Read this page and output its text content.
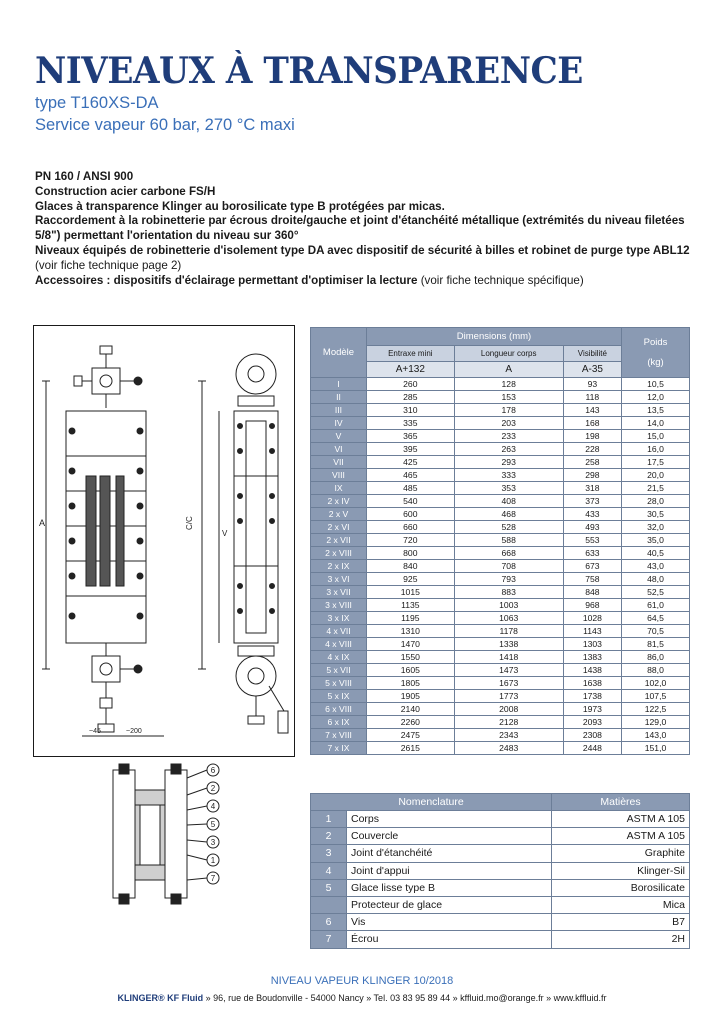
NIVEAUX À TRANSPARENCE
type T160XS-DA
Service vapeur 60 bar, 270 °C maxi

PN 160 / ANSI 900

Construction acier carbone FS/H

Glaces à transparence Klinger au borosilicate type B protégées par micas.

Raccordement à la robinetterie par écrous droite/gauche et joint d'étanchéité métallique (extrémités du niveau filetées 5/8") permettant l'orientation du niveau sur 360°

Niveaux équipés de robinetterie d'isolement type DA avec dispositif de sécurité à billes et robinet de purge type ABL12

(voir fiche technique page 2)

Accessoires : dispositifs d'éclairage permettant d'optimiser la lecture (voir fiche technique spécifique)

A	C/C
V
~45	~200
6
2
4
5
3
1
7
Modèle	Dimensions (mm)			Poids
(kg)

	Entraxe mini	Longueur corps	Visibilité	
	A+132	A	A-35	
I	260	128	93	10,5
II	285	153	118	12,0
III	310	178	143	13,5
IV	335	203	168	14,0
V	365	233	198	15,0
VI	395	263	228	16,0
VII	425	293	258	17,5
VIII	465	333	298	20,0
IX	485	353	318	21,5
2 x IV	540	408	373	28,0
2 x V	600	468	433	30,5
2 x VI	660	528	493	32,0
2 x VII	720	588	553	35,0
2 x VIII	800	668	633	40,5
2 x IX	840	708	673	43,0
3 x VI	925	793	758	48,0
3 x VII	1015	883	848	52,5
3 x VIII	1135	1003	968	61,0
3 x IX	1195	1063	1028	64,5
4 x VII	1310	1178	1143	70,5
4 x VIII	1470	1338	1303	81,5
4 x IX	1550	1418	1383	86,0
5 x VII	1605	1473	1438	88,0
5 x VIII	1805	1673	1638	102,0
5 x IX	1905	1773	1738	107,5
6 x VIII	2140	2008	1973	122,5
6 x IX	2260	2128	2093	129,0
7 x VIII	2475	2343	2308	143,0
7 x IX	2615	2483	2448	151,0
Nomenclature		Matières
1	Corps	ASTM A 105
2	Couvercle	ASTM A 105
3	Joint d'étanchéité	Graphite
4	Joint d'appui	Klinger-Sil
5	Glace lisse type B	Borosilicate
	Protecteur de glace	Mica
6	Vis	B7
7	Écrou	2H
NIVEAU VAPEUR KLINGER 10/2018
KLINGER® KF Fluid » 96, rue de Boudonville - 54000 Nancy » Tel. 03 83 95 89 44 » kffluid.mo@orange.fr » www.kffluid.fr
